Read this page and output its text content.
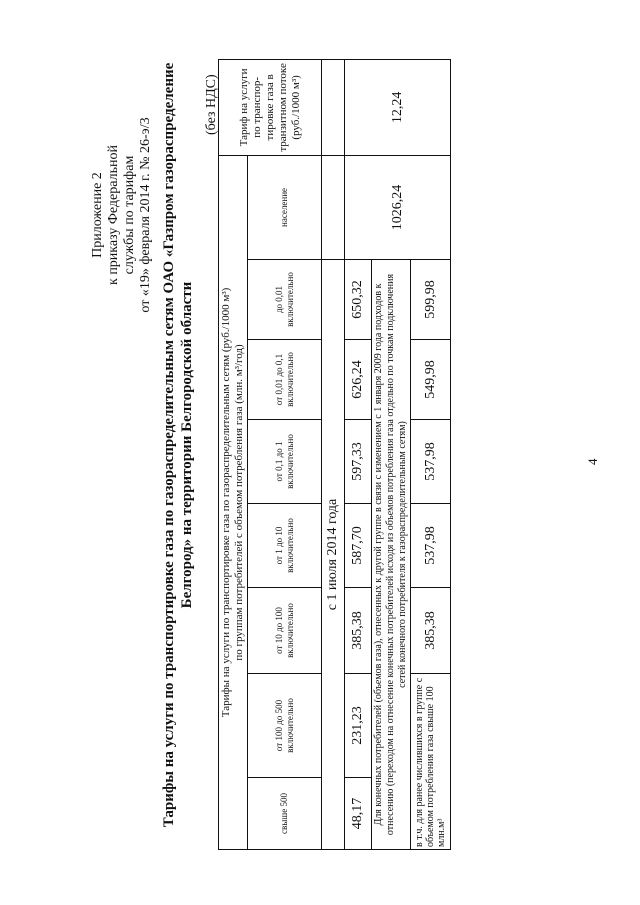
Приложение 2 к приказу Федеральной службы по тарифам от «19» февраля 2014 г. № 26-э/3 Тарифы на услуги по транспортировке газа по газораспределительным сетям ОАО «Газпром газораспределение Белгород» на территории Белгородской области
(без НДС)
Тарифы на услуги по транспортировке газа по газораспределительным сетям (руб./1000 м³) по группам потребителей с объемом потребления газа (млн. м³/год)								Тариф на услуги по транспор-тировке газа в транзитном потоке (руб./1000 м³)
свыше 500	от 100 до 500 включительно	от 10 до 100 включительно	от 1 до 10 включительно	от 0,1 до 1 включительно	от 0,01 до 0,1 включительно	до 0,01 включительно	население	
с 1 июля 2014 года								
48,17	231,23	385,38	587,70	597,33	626,24	650,32	1026,24	12,24
Для конечных потребителей (объемов газа), отнесенных к другой группе в связи с изменением с 1 января 2009 года подходов к отнесению (переходом на отнесение конечных потребителей исходя из объемов потребления газа отдельно по точкам подключения сетей конечного потребителя к газораспределительным сетям)								
в т.ч. для ранее числившихся в группе с объемом потребления газа свыше 100 млн.м³		385,38	537,98	537,98	549,98	599,98		
4
